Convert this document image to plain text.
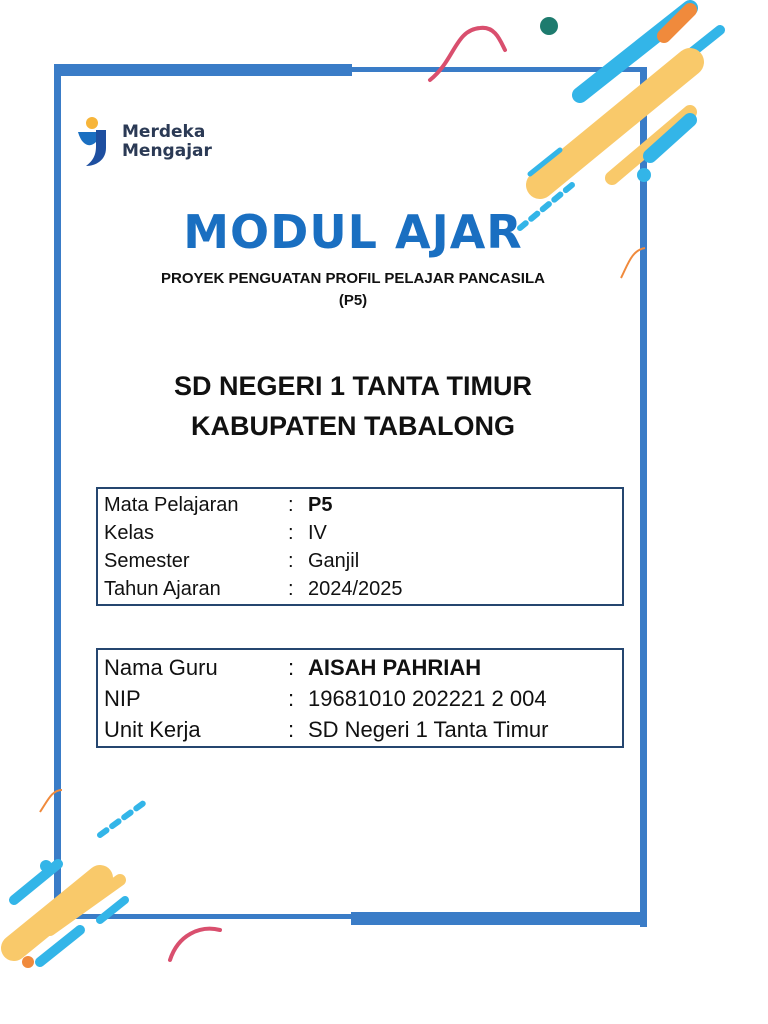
Merdeka
Mengajar
MODUL AJAR
PROYEK PENGUATAN PROFIL PELAJAR PANCASILA
(P5)
SD NEGERI 1 TANTA TIMUR
KABUPATEN TABALONG
Mata Pelajaran	: P5
Kelas	: IV
Semester	: Ganjil
Tahun Ajaran	: 2024/2025
Nama Guru	: AISAH PAHRIAH
NIP	: 19681010 202221 2 004
Unit Kerja	: SD Negeri 1 Tanta Timur
